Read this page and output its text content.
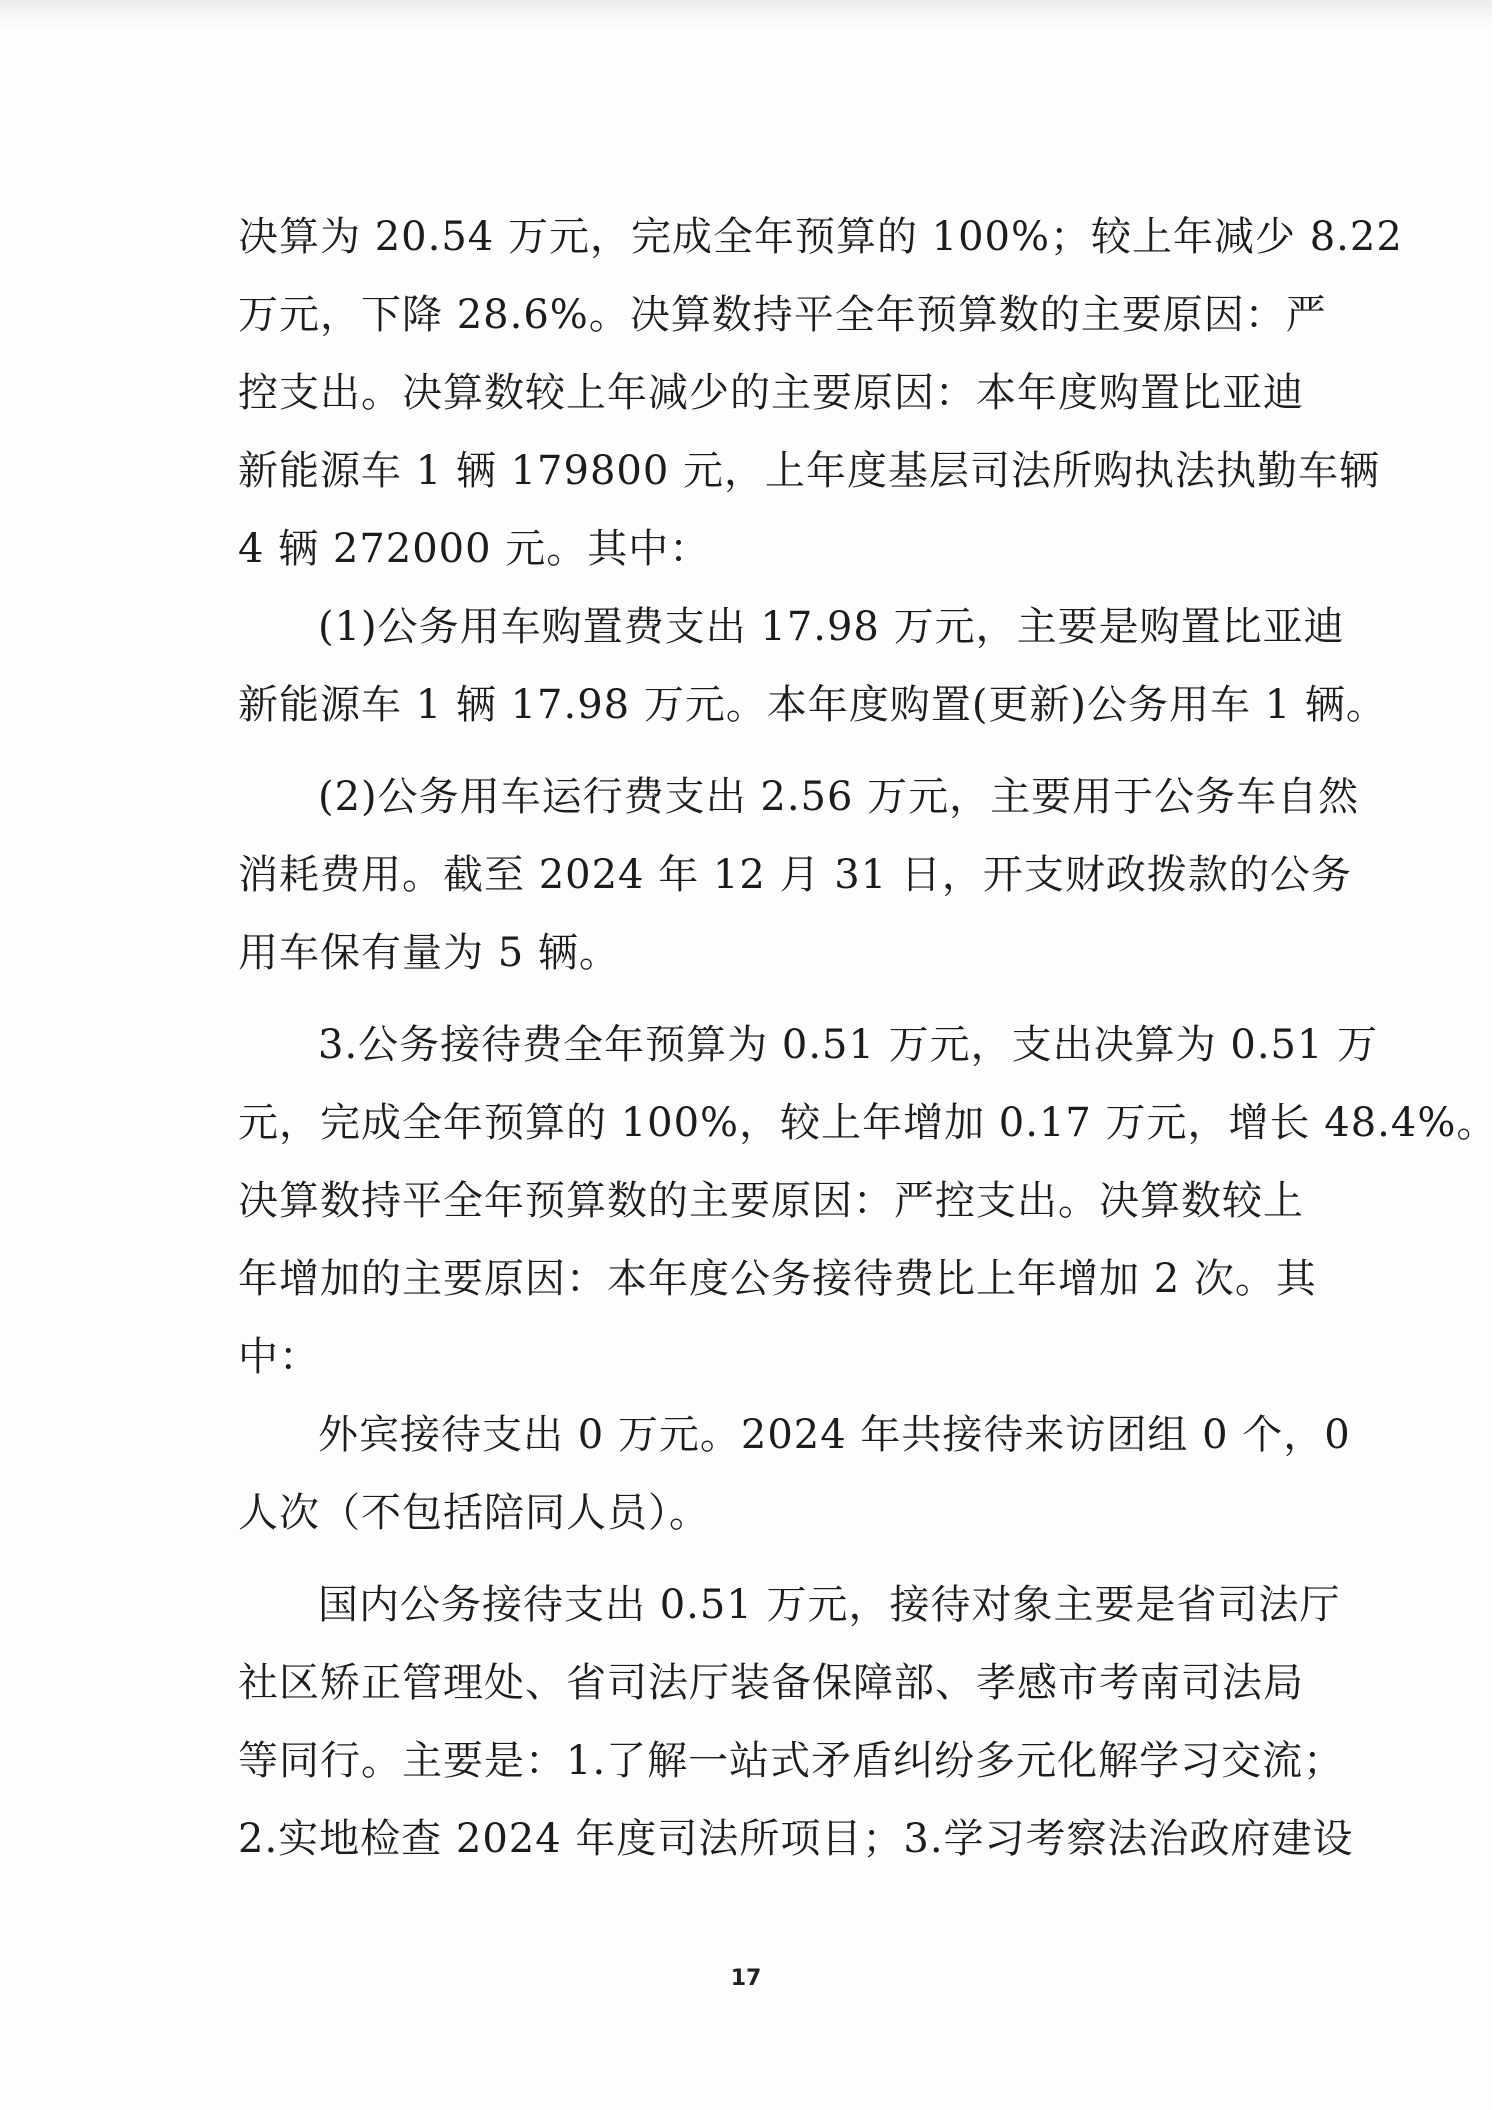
决算为 20.54 万元，完成全年预算的 100%；较上年减少 8.22
万元，下降 28.6%。决算数持平全年预算数的主要原因：严
控支出。决算数较上年减少的主要原因：本年度购置比亚迪
新能源车 1 辆 179800 元，上年度基层司法所购执法执勤车辆
4 辆 272000 元。其中：
(1)公务用车购置费支出 17.98 万元，主要是购置比亚迪
新能源车 1 辆 17.98 万元。本年度购置(更新)公务用车 1 辆。
(2)公务用车运行费支出 2.56 万元，主要用于公务车自然
消耗费用。截至 2024 年 12 月 31 日，开支财政拨款的公务
用车保有量为 5 辆。
3.公务接待费全年预算为 0.51 万元，支出决算为 0.51 万
元，完成全年预算的 100%，较上年增加 0.17 万元，增长 48.4%。
决算数持平全年预算数的主要原因：严控支出。决算数较上
年增加的主要原因：本年度公务接待费比上年增加 2 次。其
中：
外宾接待支出 0 万元。2024 年共接待来访团组 0 个，0
人次（不包括陪同人员）。
国内公务接待支出 0.51 万元，接待对象主要是省司法厅
社区矫正管理处、省司法厅装备保障部、孝感市考南司法局
等同行。主要是：1.了解一站式矛盾纠纷多元化解学习交流；
2.实地检查 2024 年度司法所项目；3.学习考察法治政府建设
17
